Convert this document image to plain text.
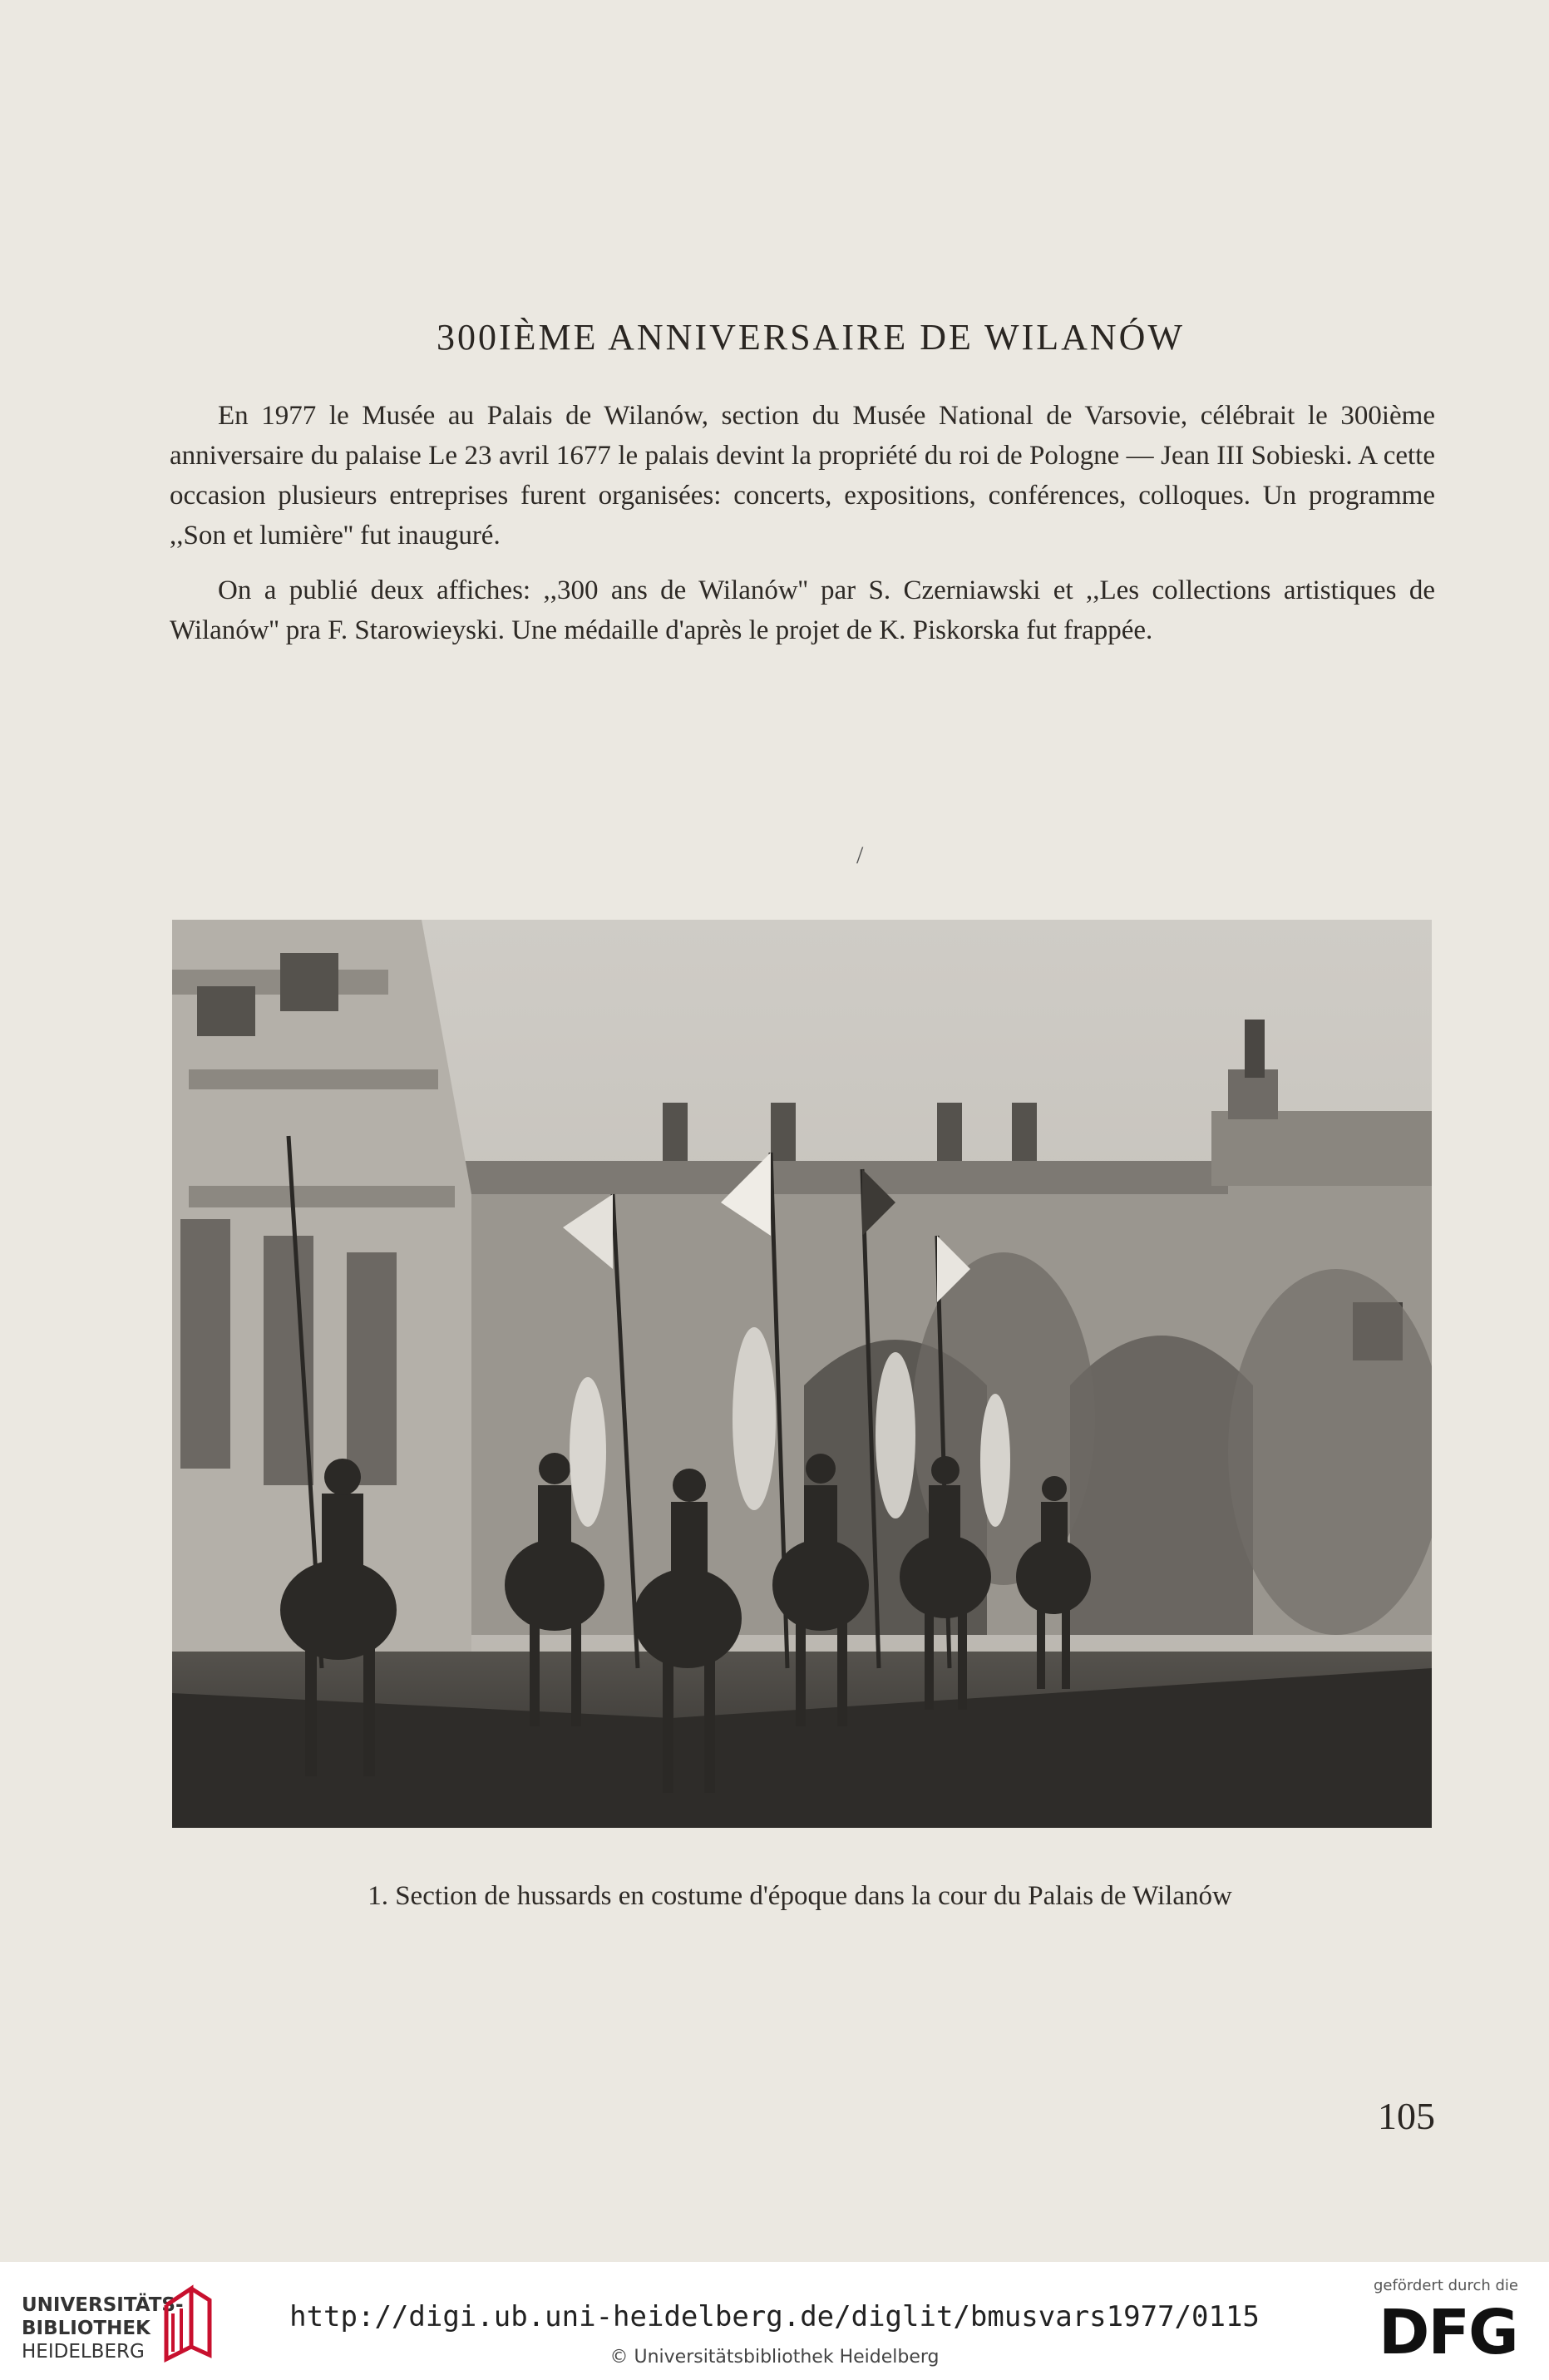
300IÈME ANNIVERSAIRE DE WILANÓW

En 1977 le Musée au Palais de Wilanów, section du Musée National de Varsovie, célébrait le 300ième anniversaire du palaise Le 23 avril 1677 le palais devint la propriété du roi de Pologne — Jean III Sobieski. A cette occasion plusieurs entreprises furent organisées: concerts, expositions, conférences, colloques. Un programme ,,Son et lumière'' fut inauguré.

On a publié deux affiches: ,,300 ans de Wilanów'' par S. Czerniawski et ,,Les collections artistiques de Wilanów'' pra F. Starowieyski. Une médaille d'après le projet de K. Piskorska fut frappée.

/
1. Section de hussards en costume d'époque dans la cour du Palais de Wilanów
105
UNIVERSITÄTS-
BIBLIOTHEK
HEIDELBERG
http://digi.ub.uni-heidelberg.de/diglit/bmusvars1977/0115
© Universitätsbibliothek Heidelberg
gefördert durch die
DFG
